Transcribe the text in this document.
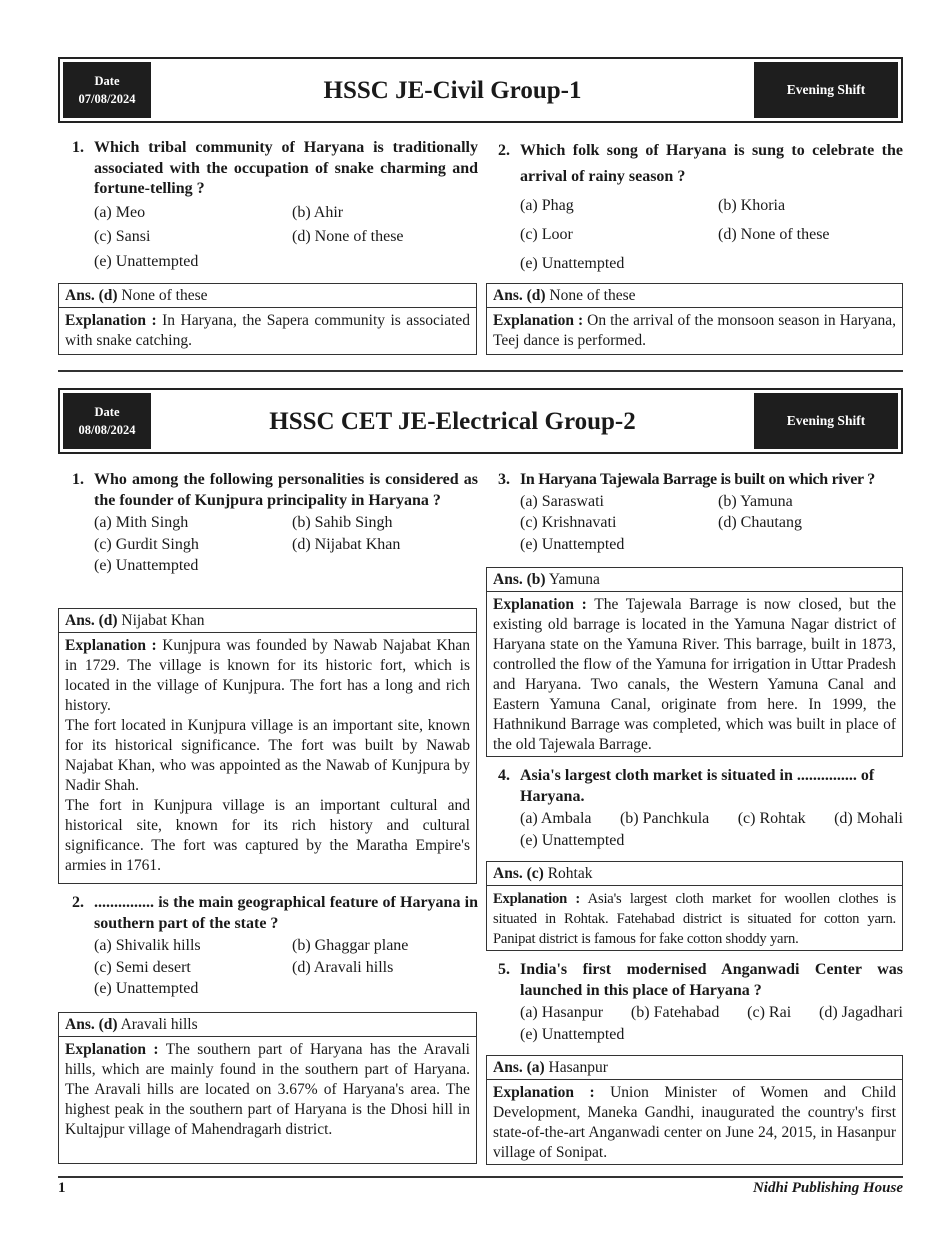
Date
07/08/2024	HSSC JE-Civil Group-1	Evening Shift
1. Which tribal community of Haryana is traditionally associated with the occupation of snake charming and fortune-telling ?
(a) Meo	(b) Ahir
(c) Sansi	(d) None of these
(e) Unattempted
Ans. (d) None of these
Explanation : In Haryana, the Sapera community is associated with snake catching.
2. Which folk song of Haryana is sung to celebrate the arrival of rainy season ?
(a) Phag	(b) Khoria
(c) Loor	(d) None of these
(e) Unattempted
Ans. (d) None of these
Explanation : On the arrival of the monsoon season in Haryana, Teej dance is performed.
Date
08/08/2024	HSSC CET JE-Electrical Group-2	Evening Shift
1. Who among the following personalities is considered as the founder of Kunjpura principality in Haryana ?
(a) Mith Singh	(b) Sahib Singh
(c) Gurdit Singh	(d) Nijabat Khan
(e) Unattempted
Ans. (d) Nijabat Khan

Explanation : Kunjpura was founded by Nawab Najabat Khan in 1729. The village is known for its historic fort, which is located in the village of Kunjpura. The fort has a long and rich history.

The fort located in Kunjpura village is an important site, known for its historical significance. The fort was built by Nawab Najabat Khan, who was appointed as the Nawab of Kunjpura by Nadir Shah.

The fort in Kunjpura village is an important cultural and historical site, known for its rich history and cultural significance. The fort was captured by the Maratha Empire's armies in 1761.

2. ............... is the main geographical feature of Haryana in southern part of the state ?
(a) Shivalik hills	(b) Ghaggar plane
(c) Semi desert	(d) Aravali hills
(e) Unattempted
Ans. (d) Aravali hills
Explanation : The southern part of Haryana has the Aravali hills, which are mainly found in the southern part of Haryana. The Aravali hills are located on 3.67% of Haryana's area. The highest peak in the southern part of Haryana is the Dhosi hill in Kultajpur village of Mahendragarh district.
3. In Haryana Tajewala Barrage is built on which river ?
(a) Saraswati	(b) Yamuna
(c) Krishnavati	(d) Chautang
(e) Unattempted
Ans. (b) Yamuna
Explanation : The Tajewala Barrage is now closed, but the existing old barrage is located in the Yamuna Nagar district of Haryana state on the Yamuna River. This barrage, built in 1873, controlled the flow of the Yamuna for irrigation in Uttar Pradesh and Haryana. Two canals, the Western Yamuna Canal and Eastern Yamuna Canal, originate from here. In 1999, the Hathnikund Barrage was completed, which was built in place of the old Tajewala Barrage.
4. Asia's largest cloth market is situated in ............... of Haryana.
(a) Ambala (b) Panchkula (c) Rohtak (d) Mohali
(e) Unattempted
Ans. (c) Rohtak
Explanation : Asia's largest cloth market for woollen clothes is situated in Rohtak. Fatehabad district is situated for cotton yarn. Panipat district is famous for fake cotton shoddy yarn.
5. India's first modernised Anganwadi Center was launched in this place of Haryana ?
(a) Hasanpur (b) Fatehabad (c) Rai (d) Jagadhari
(e) Unattempted
Ans. (a) Hasanpur
Explanation : Union Minister of Women and Child Development, Maneka Gandhi, inaugurated the country's first state-of-the-art Anganwadi center on June 24, 2015, in Hasanpur village of Sonipat.
1	Nidhi Publishing House
